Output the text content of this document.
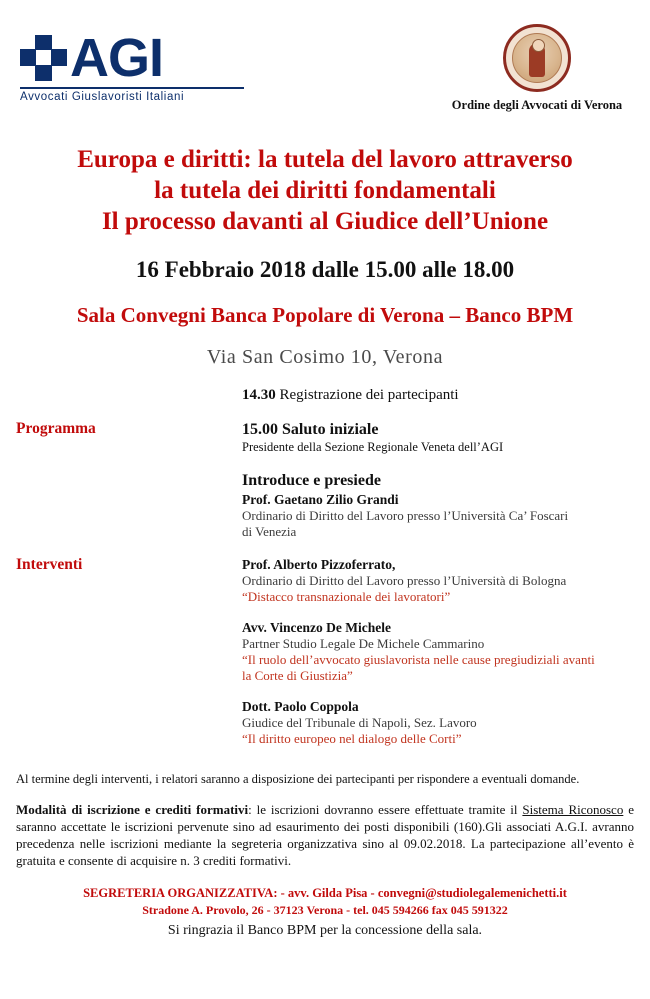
AGI
Avvocati Giuslavoristi Italiani
Ordine degli Avvocati di Verona
Europa e diritti: la tutela del lavoro attraverso
la tutela dei diritti fondamentali
Il processo davanti al Giudice dell’Unione
16 Febbraio 2018 dalle 15.00 alle 18.00
Sala Convegni Banca Popolare di Verona – Banco BPM
Via San Cosimo 10, Verona
14.30 Registrazione dei partecipanti
Programma	15.00 Saluto iniziale
Presidente della Sezione Regionale Veneta dell’AGI
Introduce e presiede
Prof. Gaetano Zilio Grandi
Ordinario di Diritto del Lavoro presso l’Università Ca’ Foscari
di Venezia
Interventi	Prof. Alberto Pizzoferrato,
Ordinario di Diritto del Lavoro presso l’Università di Bologna
“Distacco transnazionale dei lavoratori”
Avv. Vincenzo De Michele
Partner Studio Legale De Michele Cammarino
“Il ruolo dell’avvocato giuslavorista nelle cause pregiudiziali avanti
la Corte di Giustizia”
Dott. Paolo Coppola
Giudice del Tribunale di Napoli, Sez. Lavoro
“Il diritto europeo nel dialogo delle Corti”
Al termine degli interventi, i relatori saranno a disposizione dei partecipanti per rispondere a eventuali domande.
Modalità di iscrizione e crediti formativi: le iscrizioni dovranno essere effettuate tramite il Sistema Riconosco e saranno accettate le iscrizioni pervenute sino ad esaurimento dei posti disponibili (160).Gli associati A.G.I. avranno precedenza nelle iscrizioni mediante la segreteria organizzativa sino al 09.02.2018. La partecipazione all’evento è gratuita e consente di acquisire n. 3 crediti formativi.
SEGRETERIA ORGANIZZATIVA: - avv. Gilda Pisa - convegni@studiolegalemenichetti.it
Stradone A. Provolo, 26 - 37123 Verona - tel. 045 594266 fax 045 591322
Si ringrazia il Banco BPM per la concessione della sala.
